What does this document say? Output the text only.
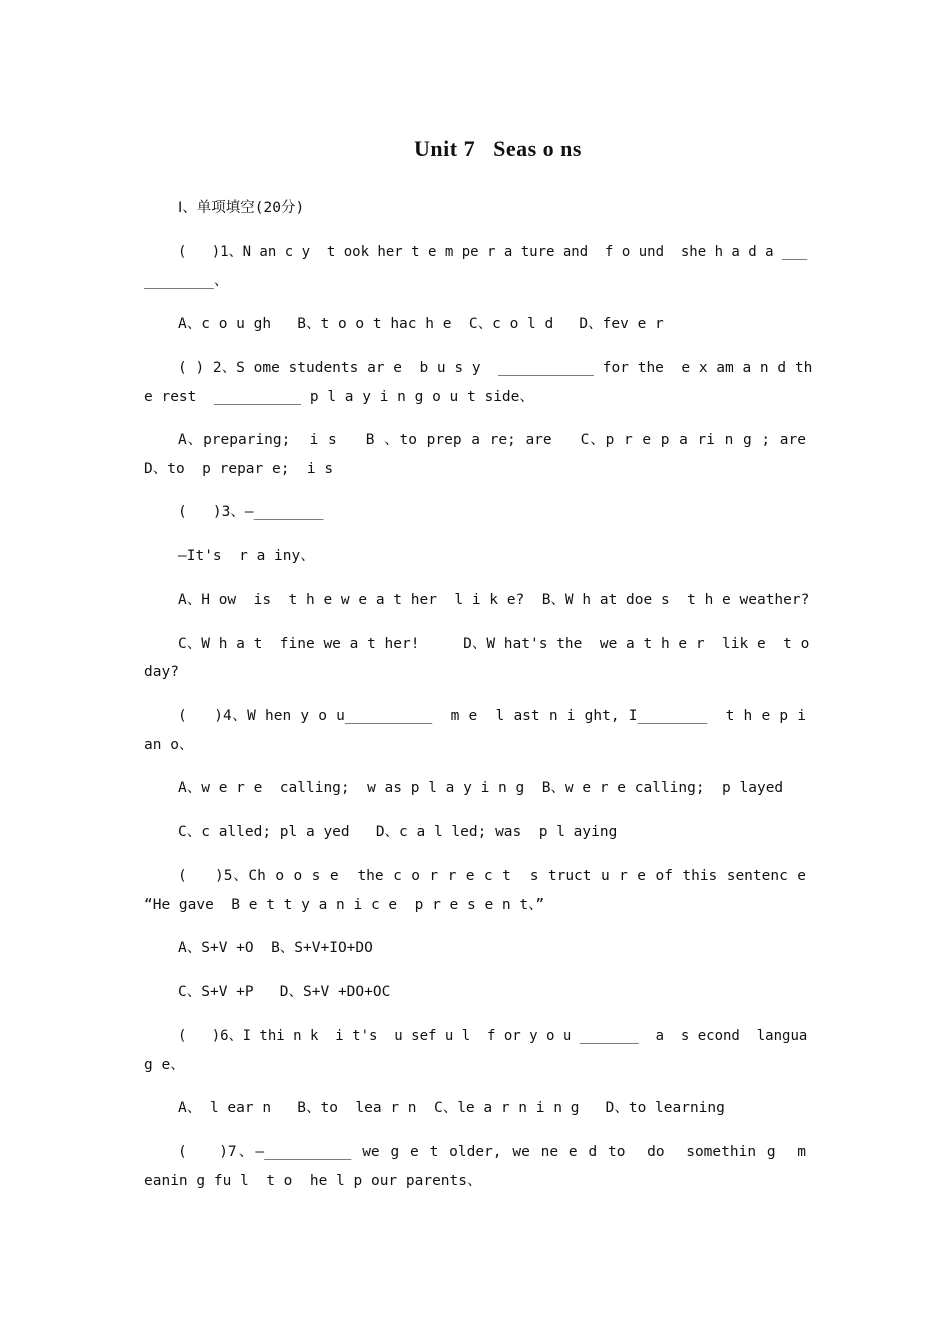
Unit 7   Seas o ns
Ⅰ、单项填空(20分)
(   )1、N an c y  t ook her t e m pe r a ture and  f o und  she h a d a ___
________、
A、c o u gh   B、t o o t hac h e  C、c o l d   D、fev e r
( ) 2、S ome students ar e  b u s y  ___________ for the  e x am a n d th
e rest  __________ p l a y i n g o u t side、
A、preparing;  i s   B 、to prep a re; are   C、p r e p a ri n g ; are
D、to  p repar e;  i s
(   )3、—________
—It's  r a iny、
A、H ow  is  t h e w e a t her  l i k e?  B、W h at doe s  t h e weather?
C、W h a t  fine we a t her!     D、W hat's the  we a t h e r  lik e  t o
day?
(   )4、W hen y o u__________  m e  l ast n i ght, I________  t h e p i
an o、
A、w e r e  calling;  w as p l a y i n g  B、w e r e calling;  p layed
C、c alled; pl a yed   D、c a l led; was  p l aying
(   )5、Ch o o s e  the c o r r e c t  s truct u r e of this sentenc e
“He gave  B e t t y a n i c e  p r e s e n t、”
A、S+V +O  B、S+V+IO+DO
C、S+V +P   D、S+V +DO+OC
(   )6、I thi n k  i t's  u sef u l  f or y o u _______  a  s econd  langua
g e、
A、 l ear n   B、to  lea r n  C、le a r n i n g   D、to learning
(   )7、—__________ we g e t older, we ne e d to  do  somethin g  m
eanin g fu l  t o  he l p our parents、
